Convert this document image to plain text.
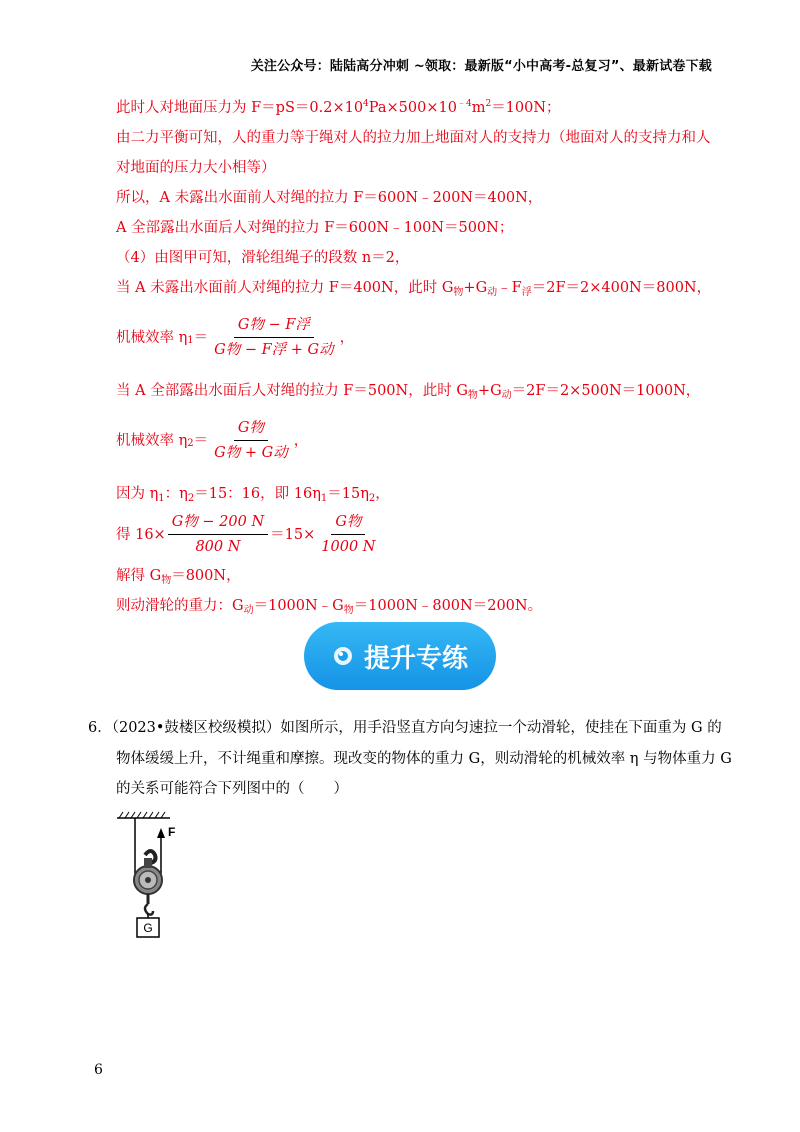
关注公众号：陆陆高分冲刺 ~领取：最新版“小中高考-总复习”、最新试卷下载
此时人对地面压力为 $F=pS=0.2\times 10^4Pa\times 500\times 10^{﹣4}m^2=100N$；
由二力平衡可知，人的重力等于绳对人的拉力加上地面对人的支持力（地面对人的支持力和人
对地面的压力大小相等）
所以，A 未露出水面前人对绳的拉力 F＝600N﹣200N＝400N，
A 全部露出水面后人对绳的拉力 F＝600N﹣100N＝500N；
（4）由图甲可知，滑轮组绳子的段数 n＝2，
当 A 未露出水面前人对绳的拉力 F＝400N，此时 $G_物+G_动﹣F_浮=2F=2\times 400N=800N$，
机械效率 η $1 = \frac{\text{G物 − F浮}}{\text{G物 − F浮 + G动}}$ ，
当 A 全部露出水面后人对绳的拉力 F＝500N，此时 $G_物+G_动=2F=2\times 500N=1000N$，
机械效率 η $2 = \frac{\text{G物}}{\text{G物 + G动}}$ ，
因为 $\eta_1$：$\eta_2=15$：16，即 $16\eta_1=15\eta_2$，
得 $16\times \frac{\text{G物 − 200 N}}{800 N} =15\times \frac{\text{G物}}{1000 N}$
解得 $G_物=800N$，
则动滑轮的重力：$G_动=1000N﹣G_物=1000N﹣800N=200N$。
提升专练
6．（2023•鼓楼区校级模拟）如图所示，用手沿竖直方向匀速拉一个动滑轮，使挂在下面重为 G 的
物体缓缓上升，不计绳重和摩擦。现改变的物体的重力 G，则动滑轮的机械效率 η 与物体重力 G
的关系可能符合下列图中的（　　）
G
F
6
